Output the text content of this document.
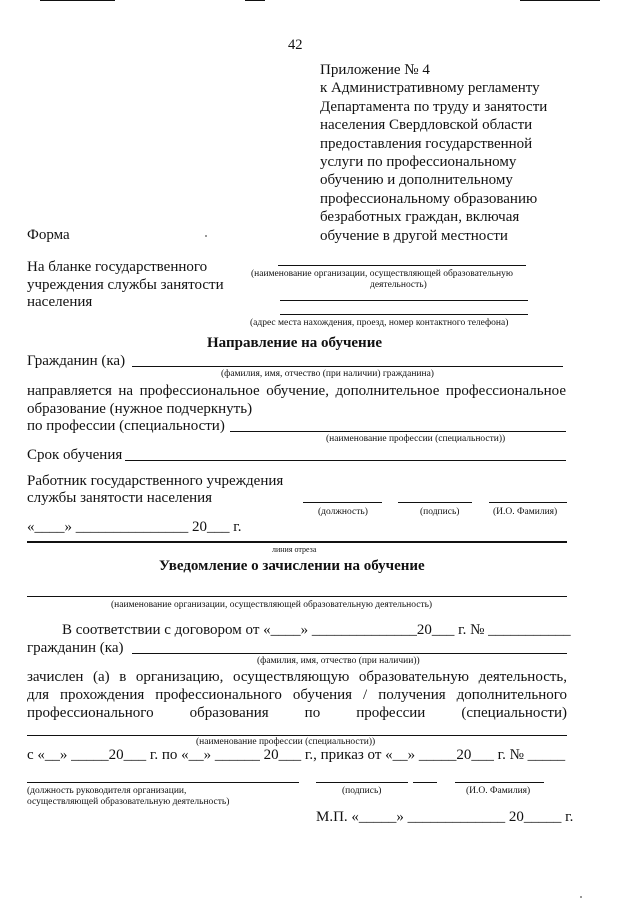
42
Приложение № 4
к Административному регламенту
Департамента по труду и занятости
населения Свердловской области
предоставления государственной
услуги по профессиональному
обучению и дополнительному
профессиональному образованию
безработных граждан, включая
обучение в другой местности
Форма
На бланке государственного
учреждения службы занятости
населения
(наименование организации, осуществляющей образовательную
деятельность)
(адрес места нахождения, проезд, номер контактного телефона)
Направление на обучение
Гражданин (ка)
(фамилия, имя, отчество (при наличии) гражданина)
направляется на профессиональное обучение, дополнительное профессиональное
образование (нужное подчеркнуть)
по профессии (специальности)
(наименование профессии (специальности))
Срок обучения
Работник государственного учреждения
службы занятости населения
(должность)	(подпись)	(И.О. Фамилия)
«____» _______________ 20___ г.
линия отреза
Уведомление о зачислении на обучение
(наименование организации, осуществляющей образовательную деятельность)
В соответствии с договором от «____» ______________20___ г. № ___________
гражданин (ка)
(фамилия, имя, отчество (при наличии))
зачислен (а) в организацию, осуществляющую образовательную деятельность,
для прохождения профессионального обучения / получения дополнительного
профессионального образования по профессии (специальности)
(наименование профессии (специальности))
с «__» _____20___ г. по «__» ______ 20___ г., приказ от «__» _____20___ г. № _____
(должность руководителя организации,
осуществляющей образовательную деятельность)
(подпись)	(И.О. Фамилия)
М.П. «_____» _____________ 20_____ г.
